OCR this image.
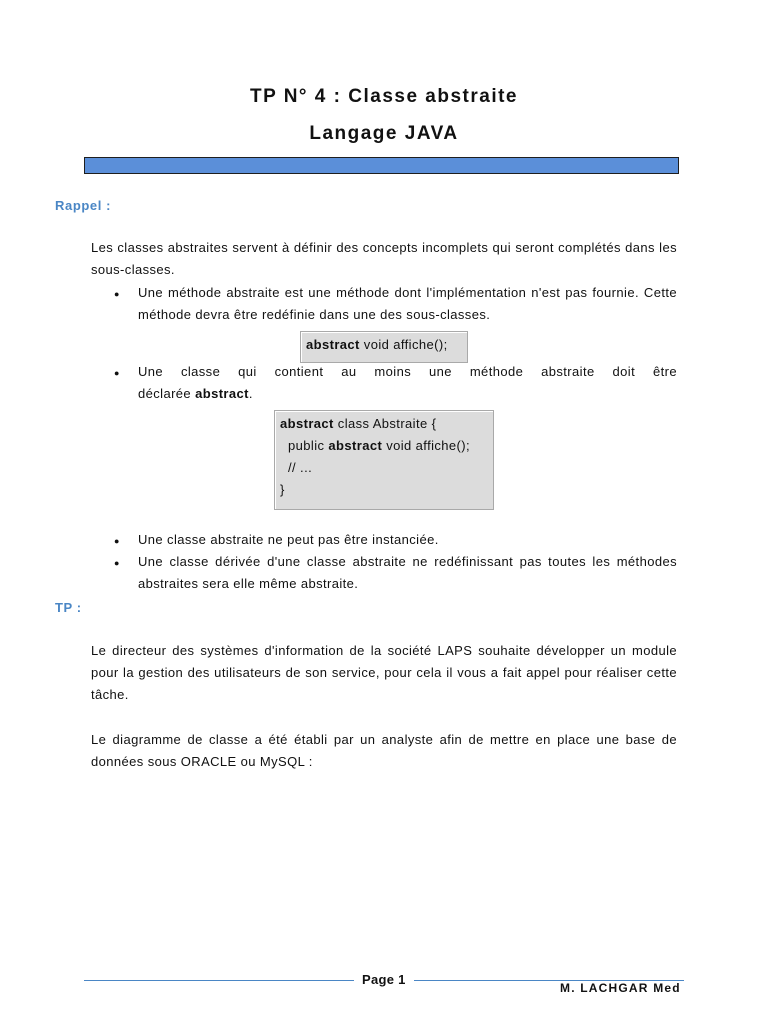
TP N° 4 : Classe abstraite
Langage JAVA
Rappel :
Les classes abstraites servent à définir des concepts incomplets qui seront complétés dans les sous-classes.
● Une méthode abstraite est une méthode dont l'implémentation n'est pas fournie. Cette méthode devra être redéfinie dans une des sous-classes.
abstract void affiche();
● Une classe qui contient au moins une méthode abstraite doit être
déclarée abstract.
abstract class Abstraite {
public abstract void affiche();
// ...
}
● Une classe abstraite ne peut pas être instanciée.
● Une classe dérivée d'une classe abstraite ne redéfinissant pas toutes les méthodes abstraites sera elle même abstraite.
TP :
Le directeur des systèmes d'information de la société LAPS souhaite développer un module pour la gestion des utilisateurs de son service, pour cela il vous a fait appel pour réaliser cette tâche.
Le diagramme de classe a été établi par un analyste afin de mettre en place une base de données sous ORACLE ou MySQL :
Page 1
M. LACHGAR Med
